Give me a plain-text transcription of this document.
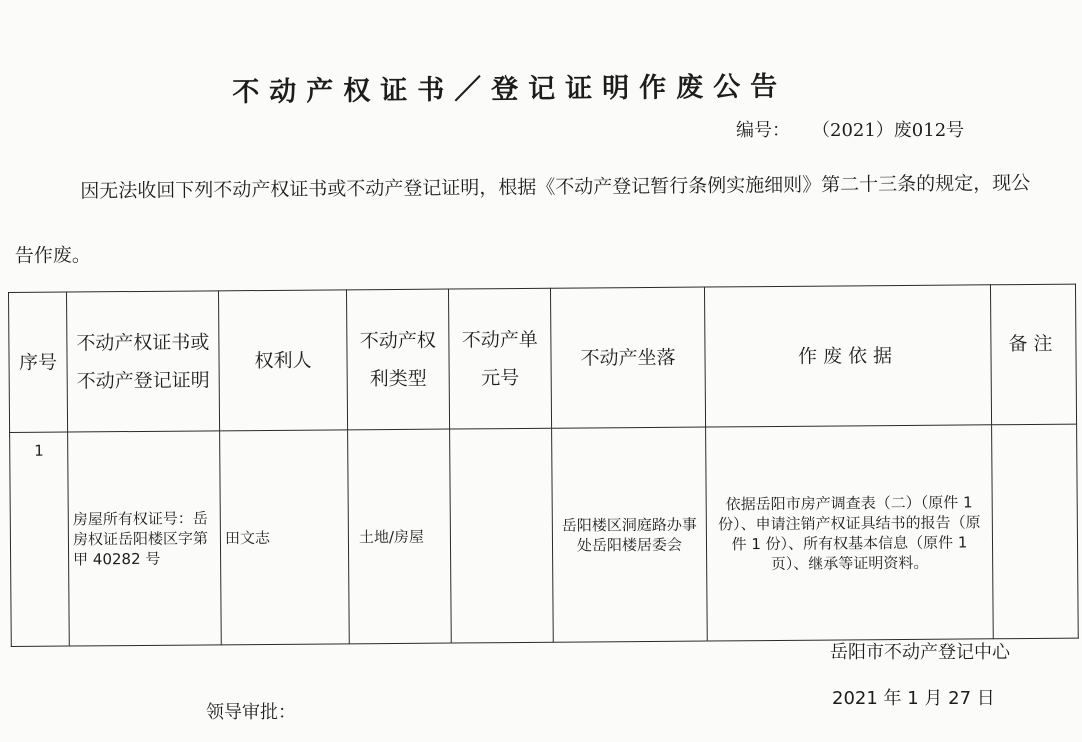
不动产权证书／登记证明作废公告
编号： （2021）废012号
因无法收回下列不动产权证书或不动产登记证明，根据《不动产登记暂行条例实施细则》第二十三条的规定，现公告作废。
序号	不动产权证书或不动产登记证明	权利人	不动产权利类型	不动产单元号	不动产坐落	作废依据	备注
1	房屋所有权证号：岳房权证岳阳楼区字第甲 40282 号	田文志	土地/房屋		岳阳楼区洞庭路办事处岳阳楼居委会	依据岳阳市房产调查表（二）（原件 1 份）、申请注销产权证具结书的报告（原件 1 份）、所有权基本信息（原件 1 页）、继承等证明资料。	
岳阳市不动产登记中心
2021 年 1 月 27 日
领导审批：
